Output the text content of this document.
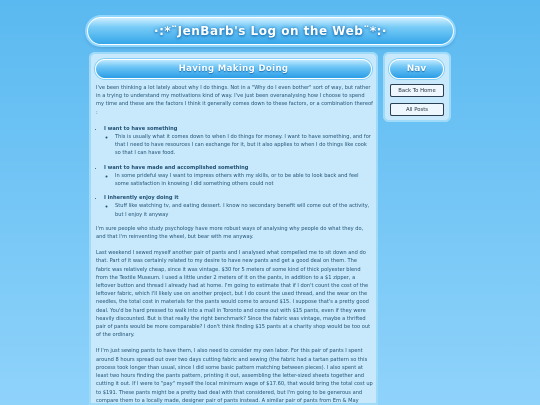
·:*¨JenBarb's Log on the Web¨*:·
Having Making Doing

I've been thinking a lot lately about why I do things. Not in a "Why do I even bother" sort of way, but rather in a trying to understand my motivations kind of way. I've just been overanalysing how I choose to spend my time and these are the factors I think it generally comes down to these factors, or a combination thereof :

• I want to have something
◦ This is usually what it comes down to when I do things for money. I want to have something, and for that I need to have resources I can exchange for it, but it also applies to when I do things like cook so that I can have food.
• I want to have made and accomplished something
◦ In some prideful way I want to impress others with my skills, or to be able to look back and feel some satisfaction in knowing I did something others could not
• I inherently enjoy doing it
◦ Stuff like watching tv, and eating dessert. I know no secondary benefit will come out of the activity, but I enjoy it anyway

I'm sure people who study psychology have more robust ways of analysing why people do what they do, and that I'm reinventing the wheel, but bear with me anyway.

Last weekend I sewed myself another pair of pants and I analysed what compelled me to sit down and do that. Part of it was certainly related to my desire to have new pants and get a good deal on them. The fabric was relatively cheap, since it was vintage. $30 for 5 meters of some kind of thick polyester blend from the Textile Museum. I used a little under 2 meters of it on the pants, in addition to a $1 zipper, a leftover button and thread I already had at home. I'm going to estimate that if I don't count the cost of the leftover fabric, which I'll likely use on another project, but I do count the used thread, and the wear on the needles, the total cost in materials for the pants would come to around $15. I suppose that's a pretty good deal. You'd be hard pressed to walk into a mall in Toronto and come out with $15 pants, even if they were heavily discounted. But is that really the right benchmark? Since the fabric was vintage, maybe a thrifted pair of pants would be more comparable? I don't think finding $15 pants at a charity shop would be too out of the ordinary.

If I'm just sewing pants to have them, I also need to consider my own labor. For this pair of pants I spent around 8 hours spread out over two days cutting fabric and sewing (the fabric had a tartan pattern so this process took longer than usual, since I did some basic pattern matching between pieces). I also spent at least two hours finding the pants pattern, printing it out, assembling the letter-sized sheets together and cutting it out. If I were to "pay" myself the local minimum wage of $17.60, that would bring the total cost up to $191. These pants might be a pretty bad deal with that considered, but I'm going to be generous and compare them to a locally made, designer pair of pants instead. A similar pair of pants from Em & May

Nav
Back To Home
All Posts
